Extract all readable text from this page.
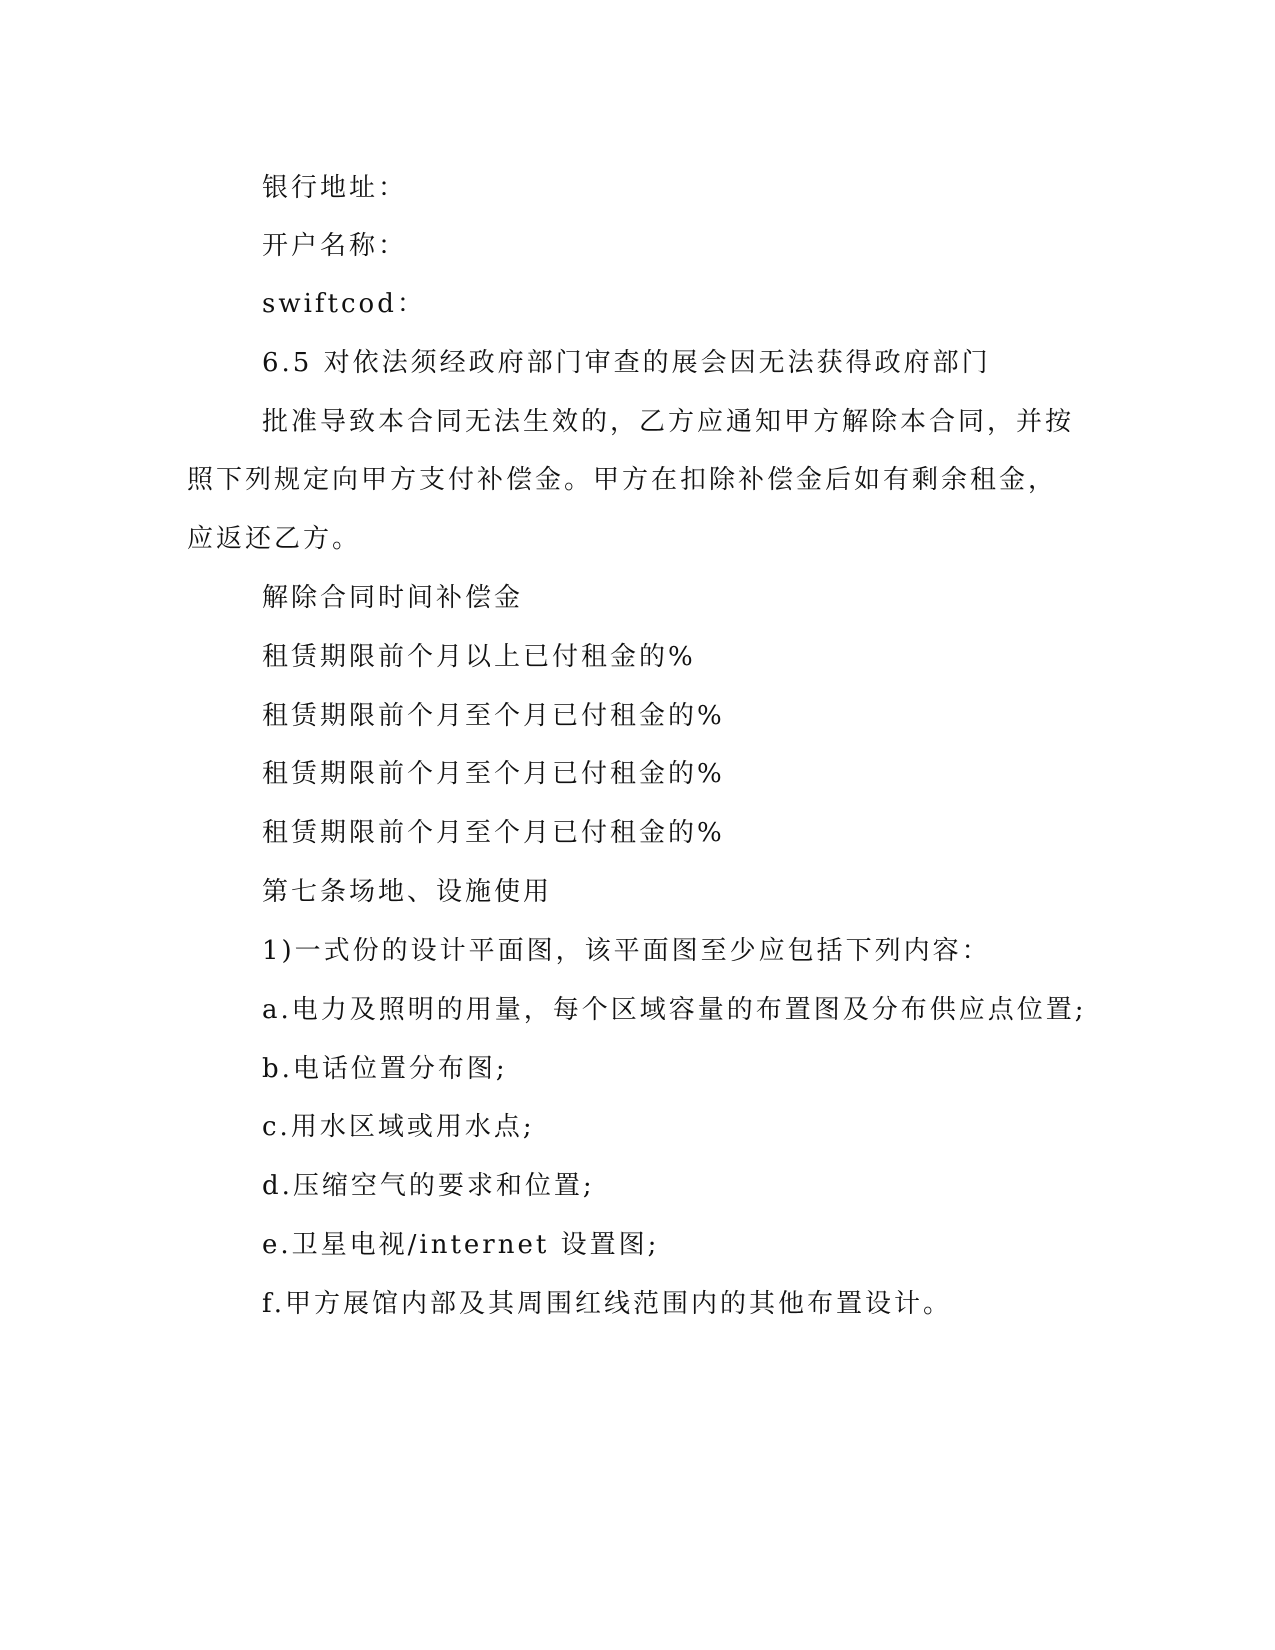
银行地址：
开户名称：
swiftcod：
6.5 对依法须经政府部门审查的展会因无法获得政府部门
批准导致本合同无法生效的，乙方应通知甲方解除本合同，并按
照下列规定向甲方支付补偿金。甲方在扣除补偿金后如有剩余租金，
应返还乙方。
解除合同时间补偿金
租赁期限前个月以上已付租金的%
租赁期限前个月至个月已付租金的%
租赁期限前个月至个月已付租金的%
租赁期限前个月至个月已付租金的%
第七条场地、设施使用
1)一式份的设计平面图，该平面图至少应包括下列内容：
a.电力及照明的用量，每个区域容量的布置图及分布供应点位置;
b.电话位置分布图;
c.用水区域或用水点;
d.压缩空气的要求和位置;
e.卫星电视/internet 设置图;
f.甲方展馆内部及其周围红线范围内的其他布置设计。
